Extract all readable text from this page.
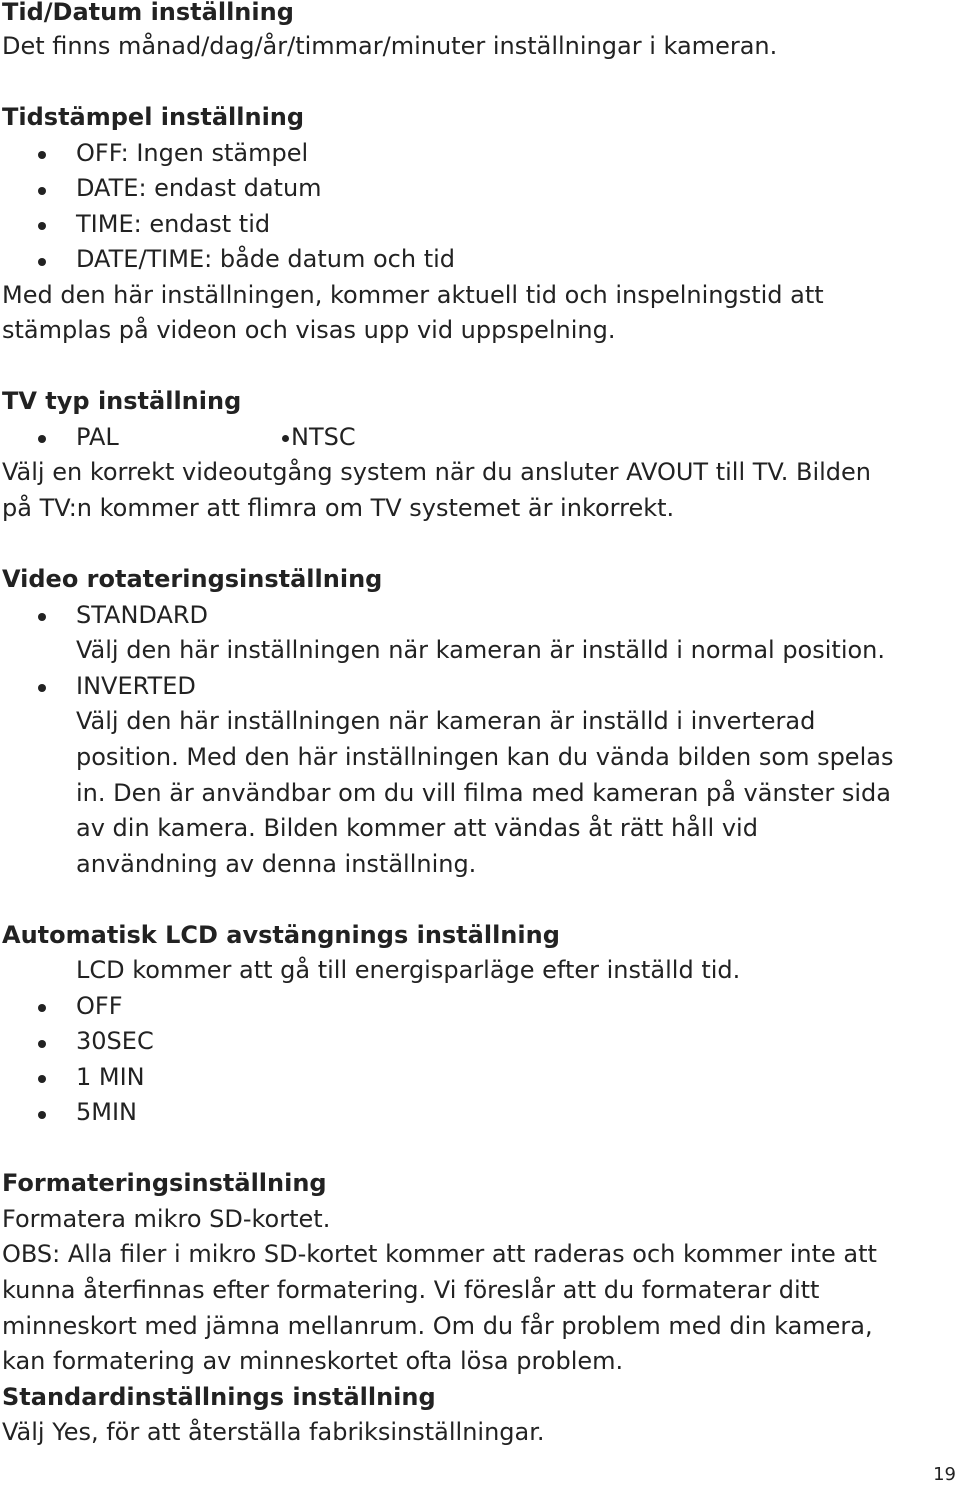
Tid/Datum inställning
Det finns månad/dag/år/timmar/minuter inställningar i kameran.
Tidstämpel inställning
OFF: Ingen stämpel
DATE: endast datum
TIME: endast tid
DATE/TIME: både datum och tid
Med den här inställningen, kommer aktuell tid och inspelningstid att
stämplas på videon och visas upp vid uppspelning.
TV typ inställning
PAL	NTSC
Välj en korrekt videoutgång system när du ansluter AVOUT till TV. Bilden
på TV:n kommer att flimra om TV systemet är inkorrekt.
Video rotateringsinställning
STANDARD
Välj den här inställningen när kameran är inställd i normal position.
INVERTED
Välj den här inställningen när kameran är inställd i inverterad
position. Med den här inställningen kan du vända bilden som spelas
in. Den är användbar om du vill filma med kameran på vänster sida
av din kamera. Bilden kommer att vändas åt rätt håll vid
användning av denna inställning.
Automatisk LCD avstängnings inställning
LCD kommer att gå till energisparläge efter inställd tid.
OFF
30SEC
1 MIN
5MIN
Formateringsinställning
Formatera mikro SD-kortet.
OBS: Alla filer i mikro SD-kortet kommer att raderas och kommer inte att
kunna återfinnas efter formatering. Vi föreslår att du formaterar ditt
minneskort med jämna mellanrum. Om du får problem med din kamera,
kan formatering av minneskortet ofta lösa problem.
Standardinställnings inställning
Välj Yes, för att återställa fabriksinställningar.
19
